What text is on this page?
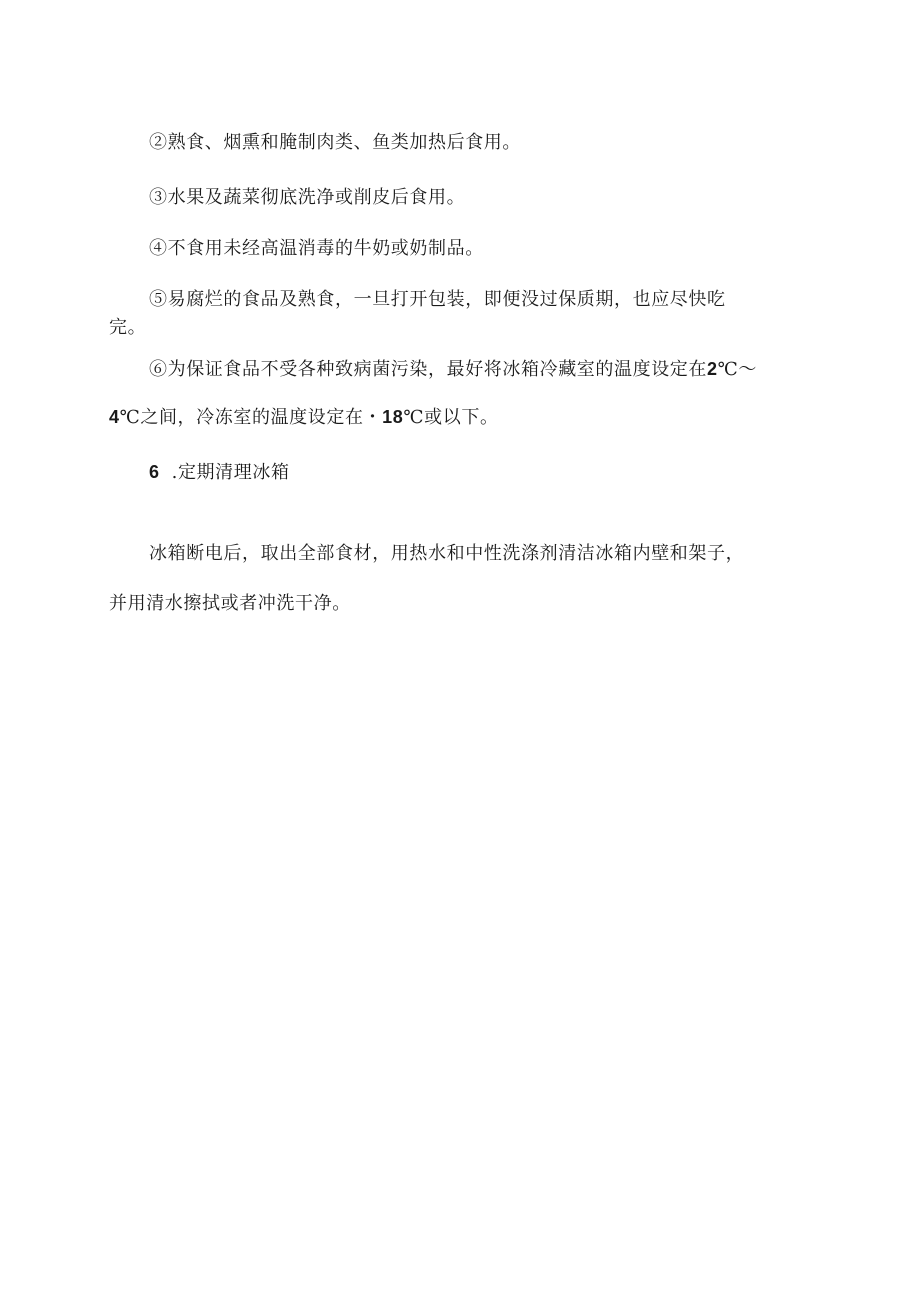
②熟食、烟熏和腌制肉类、鱼类加热后食用。
③水果及蔬菜彻底洗净或削皮后食用。
④不食用未经高温消毒的牛奶或奶制品。
⑤易腐烂的食品及熟食，一旦打开包装，即便没过保质期，也应尽快吃
完。
⑥为保证食品不受各种致病菌污染，最好将冰箱冷藏室的温度设定在2℃～
4℃之间，冷冻室的温度设定在・18℃或以下。
6 .定期清理冰箱
冰箱断电后，取出全部食材，用热水和中性洗涤剂清洁冰箱内壁和架子，
并用清水擦拭或者冲洗干净。
